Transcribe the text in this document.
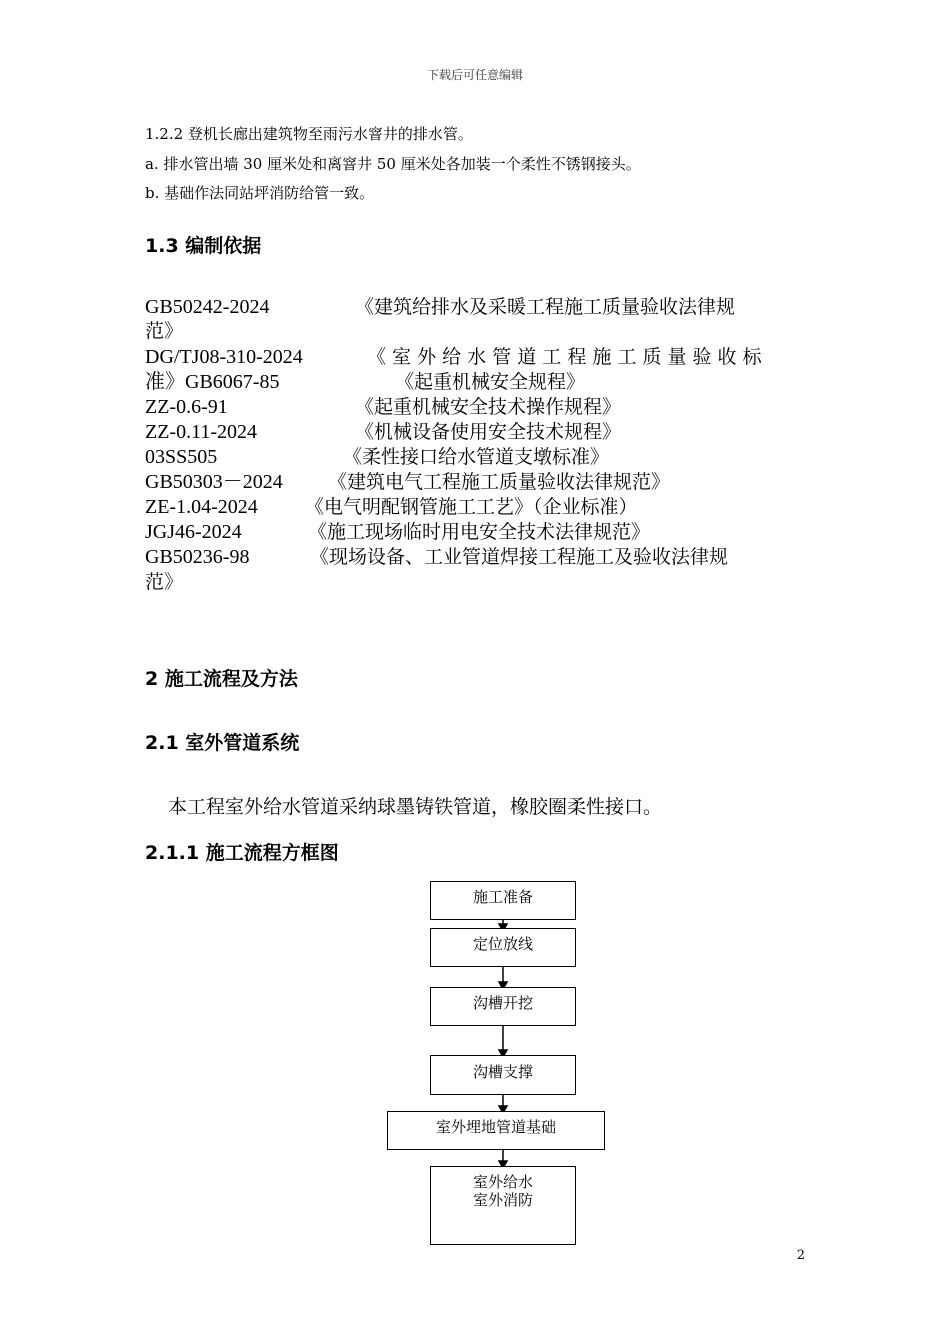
下载后可任意编辑
1.2.2 登机长廊出建筑物至雨污水窨井的排水管。
a. 排水管出墙 30 厘米处和离窨井 50 厘米处各加装一个柔性不锈钢接头。
b. 基础作法同站坪消防给管一致。
1.3 编制依据
GB50242-2024	《建筑给排水及采暖工程施工质量验收法律规
范》
DG/TJ08-310-2024	《 室 外 给 水 管 道 工 程 施 工 质 量 验 收 标
准》GB6067-85	《起重机械安全规程》
ZZ-0.6-91	《起重机械安全技术操作规程》
ZZ-0.11-2024	《机械设备使用安全技术规程》
03SS505	《柔性接口给水管道支墩标准》
GB50303－2024 《建筑电气工程施工质量验收法律规范》
ZE-1.04-2024 《电气明配钢管施工工艺》（企业标准）
JGJ46-2024	《施工现场临时用电安全技术法律规范》
GB50236-98	《现场设备、工业管道焊接工程施工及验收法律规
范》
2 施工流程及方法
2.1 室外管道系统
本工程室外给水管道采纳球墨铸铁管道，橡胶圈柔性接口。
2.1.1 施工流程方框图
施工准备
定位放线
沟槽开挖
沟槽支撑
室外埋地管道基础
室外给水
室外消防
2
